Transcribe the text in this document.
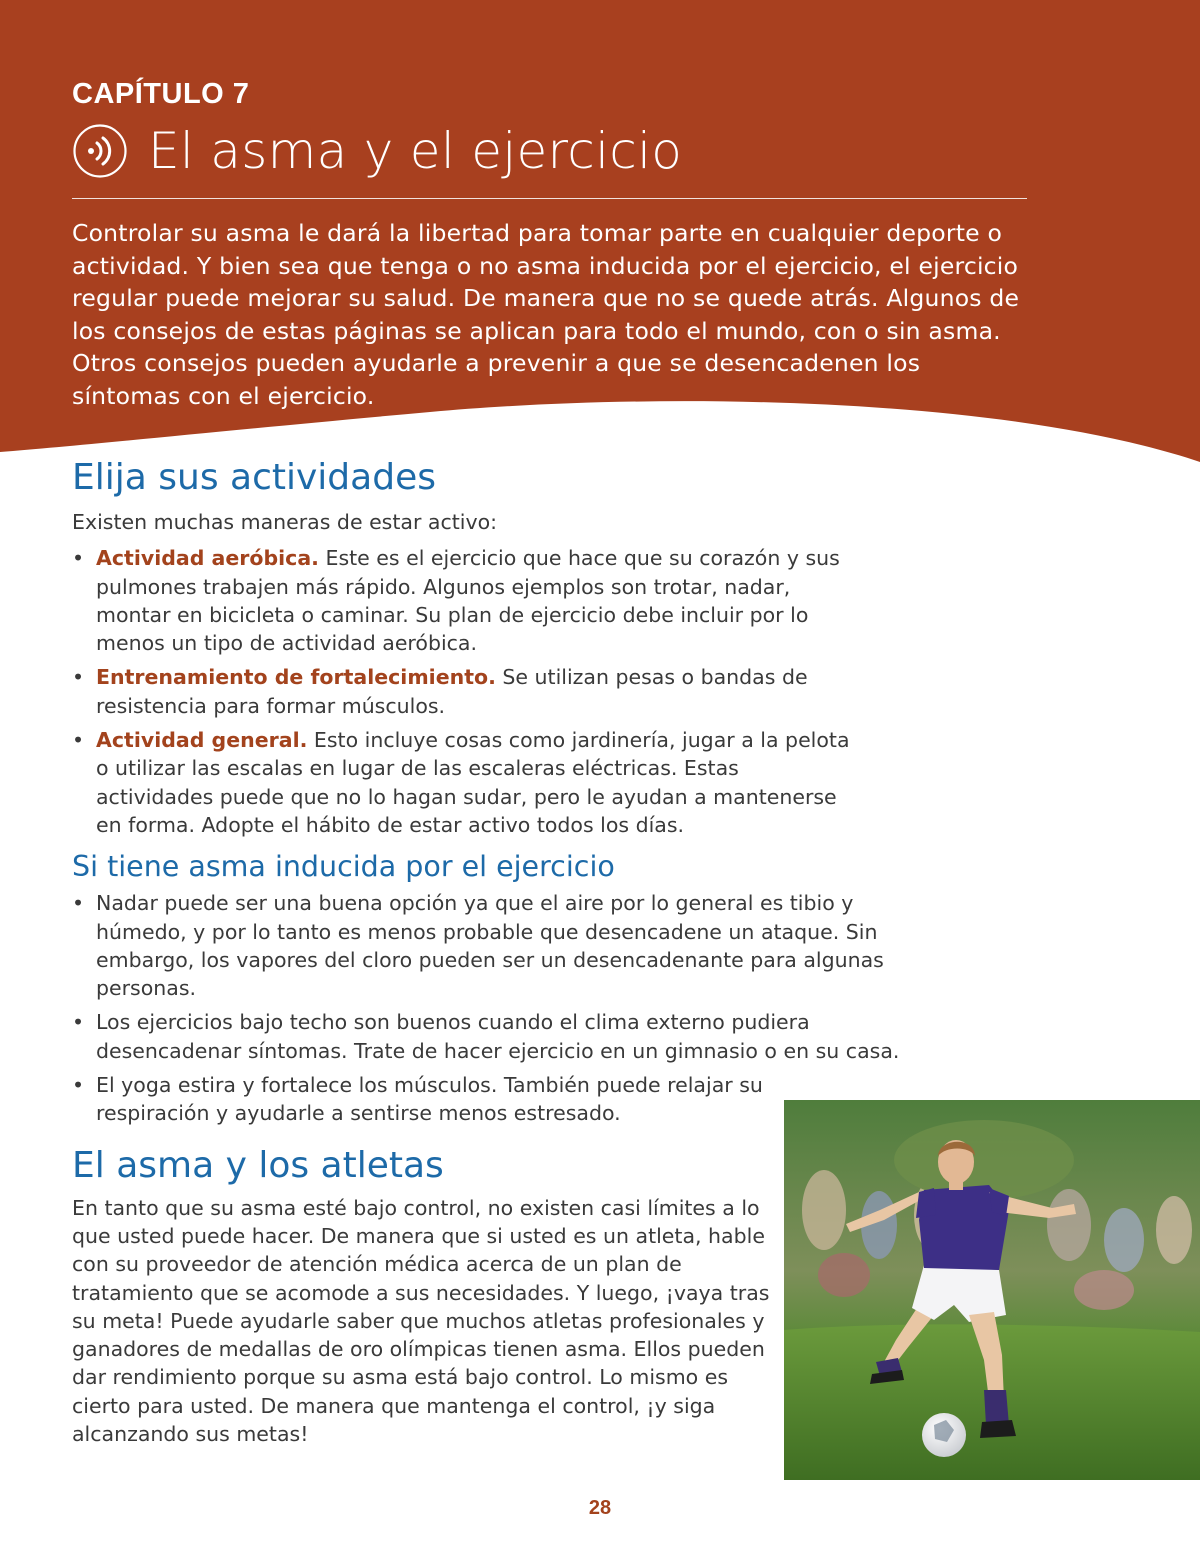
CAPÍTULO 7
El asma y el ejercicio

Controlar su asma le dará la libertad para tomar parte en cualquier deporte o actividad. Y bien sea que tenga o no asma inducida por el ejercicio, el ejercicio regular puede mejorar su salud. De manera que no se quede atrás. Algunos de los consejos de estas páginas se aplican para todo el mundo, con o sin asma. Otros consejos pueden ayudarle a prevenir a que se desencadenen los síntomas con el ejercicio.

Elija sus actividades

Existen muchas maneras de estar activo:

• Actividad aeróbica. Este es el ejercicio que hace que su corazón y sus pulmones trabajen más rápido. Algunos ejemplos son trotar, nadar, montar en bicicleta o caminar. Su plan de ejercicio debe incluir por lo menos un tipo de actividad aeróbica.
• Entrenamiento de fortalecimiento. Se utilizan pesas o bandas de resistencia para formar músculos.
• Actividad general. Esto incluye cosas como jardinería, jugar a la pelota o utilizar las escalas en lugar de las escaleras eléctricas. Estas actividades puede que no lo hagan sudar, pero le ayudan a mantenerse en forma. Adopte el hábito de estar activo todos los días.
Si tiene asma inducida por el ejercicio
• Nadar puede ser una buena opción ya que el aire por lo general es tibio y húmedo, y por lo tanto es menos probable que desencadene un ataque. Sin embargo, los vapores del cloro pueden ser un desencadenante para algunas personas.
• Los ejercicios bajo techo son buenos cuando el clima externo pudiera desencadenar síntomas. Trate de hacer ejercicio en un gimnasio o en su casa.
• El yoga estira y fortalece los músculos. También puede relajar su respiración y ayudarle a sentirse menos estresado.
El asma y los atletas

En tanto que su asma esté bajo control, no existen casi límites a lo que usted puede hacer. De manera que si usted es un atleta, hable con su proveedor de atención médica acerca de un plan de tratamiento que se acomode a sus necesidades. Y luego, ¡vaya tras su meta! Puede ayudarle saber que muchos atletas profesionales y ganadores de medallas de oro olímpicas tienen asma. Ellos pueden dar rendimiento porque su asma está bajo control. Lo mismo es cierto para usted. De manera que mantenga el control, ¡y siga alcanzando sus metas!

28
